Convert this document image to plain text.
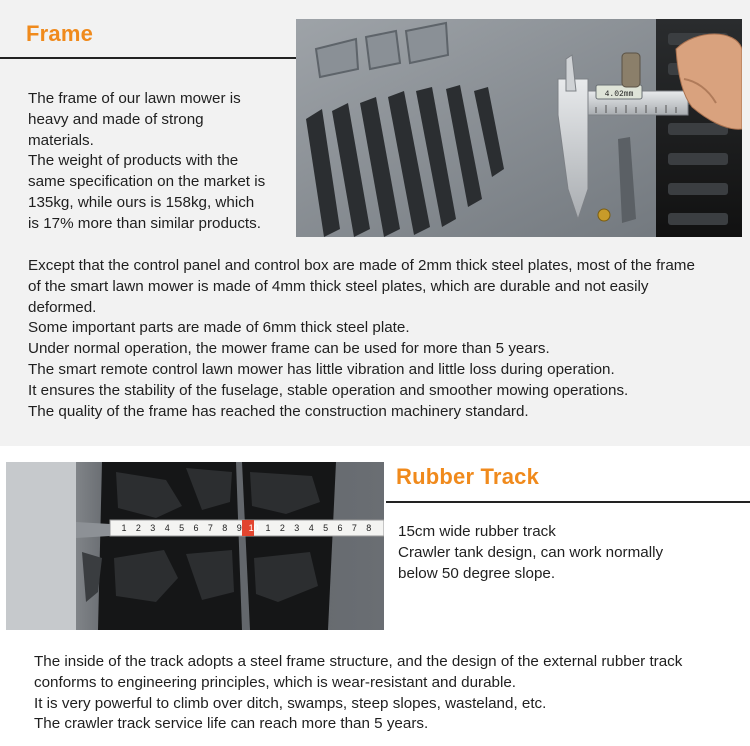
Frame
The frame of our lawn mower is
heavy and made of strong
materials.
The weight of products with the
same specification on the market is
135kg, while ours is 158kg, which
is 17% more than similar products.
4.02mm
Except that the control panel and control box are made of 2mm thick steel plates, most of the frame
of the smart lawn mower is made of 4mm thick steel plates, which are durable and not easily
deformed.
Some important parts are made of 6mm thick steel plate.
Under normal operation, the mower frame can be used for more than 5 years.
The smart remote control lawn mower has little vibration and little loss during operation.
It ensures the stability of the fuselage, stable operation and smoother mowing operations.
The quality of the frame has reached the construction machinery standard.
1 2 3 4 5 6 7 8 9 10 1 2 3 4 5 6 7 8
Rubber Track
15cm wide rubber track
Crawler tank design, can work normally
below 50 degree slope.
The inside of the track adopts a steel frame structure, and the design of the external rubber track
conforms to engineering principles, which is wear-resistant and durable.
It is very powerful to climb over ditch, swamps, steep slopes, wasteland, etc.
The crawler track service life can reach more than 5 years.
